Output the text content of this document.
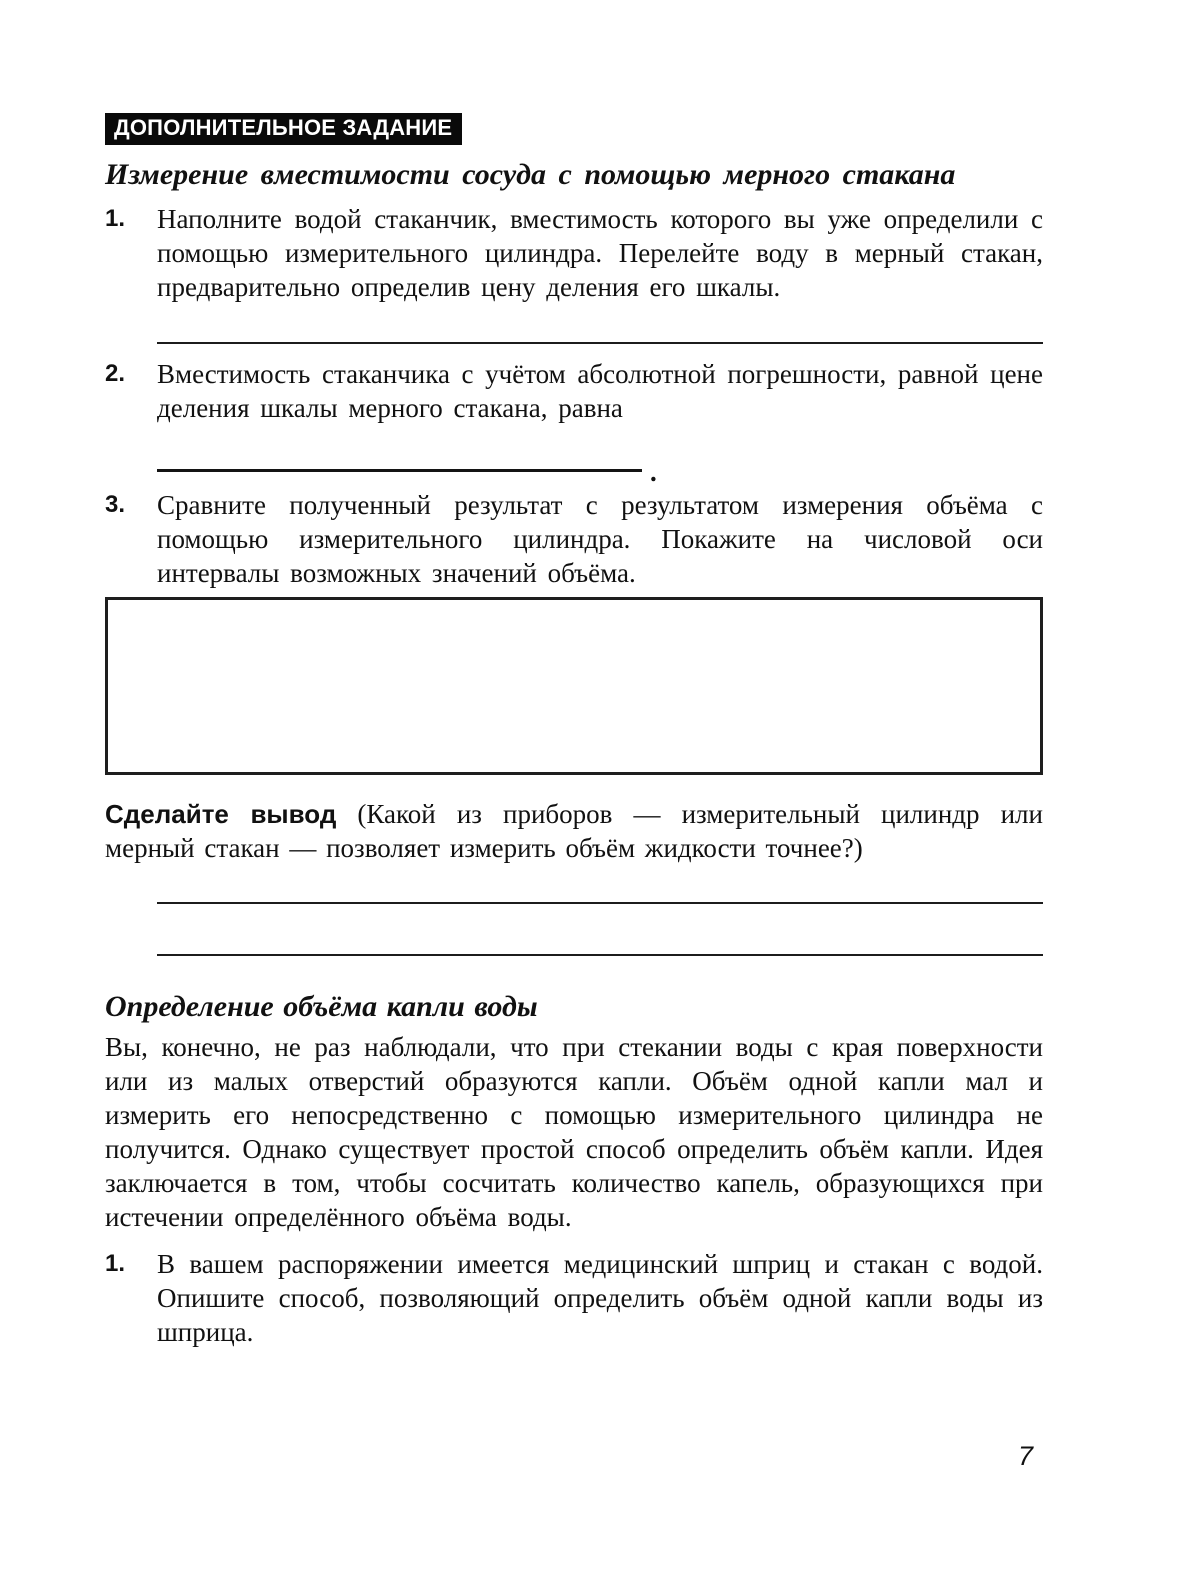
ДОПОЛНИТЕЛЬНОЕ ЗАДАНИЕ
Измерение вместимости сосуда с помощью мерного стакана
1.	Наполните водой стаканчик, вместимость которого вы уже определили с помощью измерительного цилиндра. Перелейте воду в мерный стакан, предварительно определив цену деления его шкалы.
2.	Вместимость стаканчика с учётом абсолютной погрешности, равной цене деления шкалы мерного стакана, равна
.
3.	Сравните полученный результат с результатом измерения объёма с помощью измерительного цилиндра. Покажите на числовой оси интервалы возможных значений объёма.

Сделайте вывод (Какой из приборов — измерительный цилиндр или мерный стакан — позволяет измерить объём жидкости точнее?)

Определение объёма капли воды

Вы, конечно, не раз наблюдали, что при стекании воды с края поверхности или из малых отверстий образуются капли. Объём одной капли мал и измерить его непосредственно с помощью измерительного цилиндра не получится. Однако существует простой способ определить объём капли. Идея заключается в том, чтобы сосчитать количество капель, образующихся при истечении определённого объёма воды.

1.	В вашем распоряжении имеется медицинский шприц и стакан с водой. Опишите способ, позволяющий определить объём одной капли воды из шприца.
7
